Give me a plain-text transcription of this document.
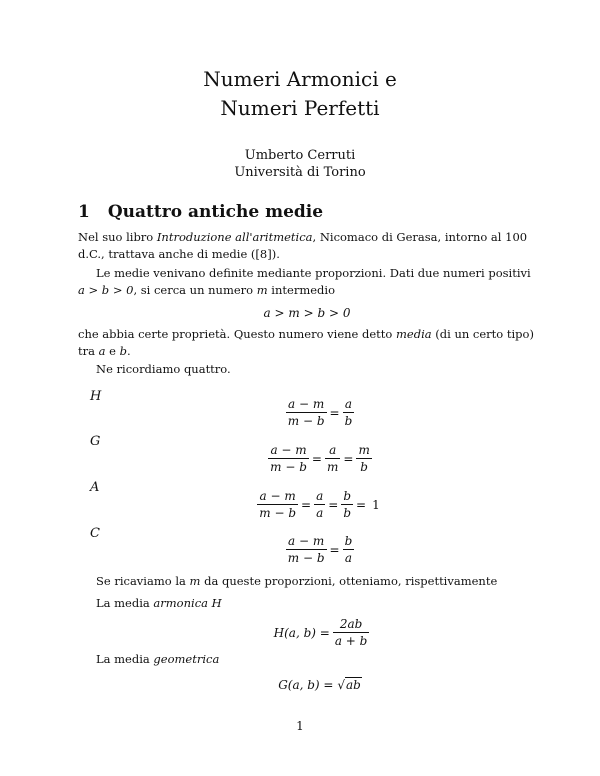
Numeri Armonici e
Numeri Perfetti
Umberto Cerruti
Università di Torino
1 Quattro antiche medie
Nel suo libro Introduzione all'aritmetica, Nicomaco di Gerasa, intorno al 100 d.C., trattava anche di medie ([8]).
Le medie venivano definite mediante proporzioni. Dati due numeri positivi a > b > 0, si cerca un numero m intermedio
a > m > b > 0
che abbia certe proprietà. Questo numero viene detto media (di un certo tipo) tra a e b.
Ne ricordiamo quattro.
H
$\frac{a - m}{m - b} = \frac{a}{b}$
G
$\frac{a - m}{m - b} = \frac{a}{m} = \frac{m}{b}$
A
$\frac{a - m}{m - b} = \frac{a}{a} = \frac{b}{b} = 1$
C
$\frac{a - m}{m - b} = \frac{b}{a}$
Se ricaviamo la m da queste proporzioni, otteniamo, rispettivamente
La media armonica H
H(a, $b) = \frac{2ab}{a + b}$
La media geometrica
G(a, b) = √ab
1
